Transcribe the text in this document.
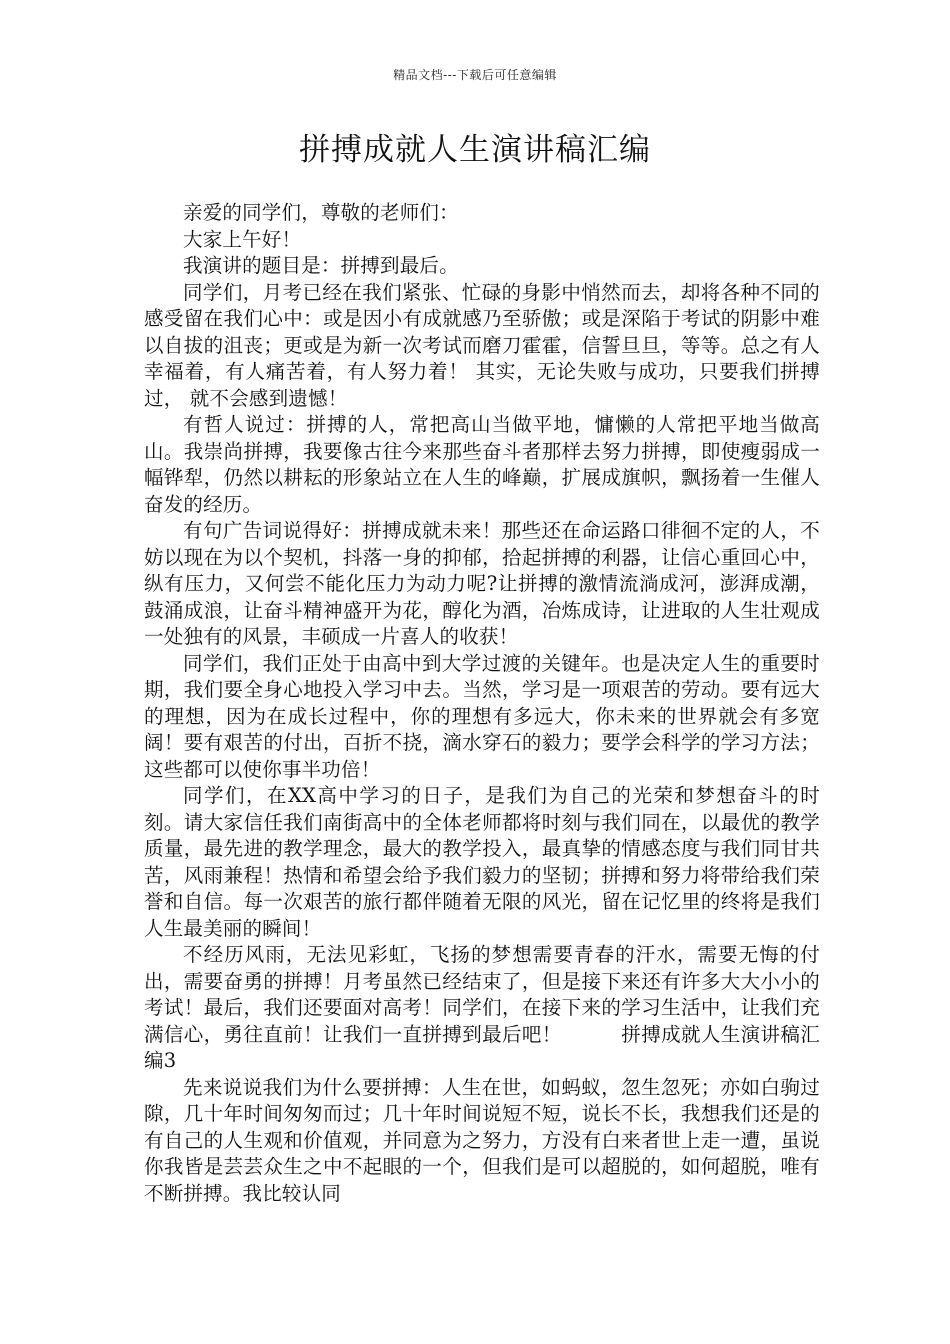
精品文档---下载后可任意编辑
拼搏成就人生演讲稿汇编

亲爱的同学们，尊敬的老师们：

大家上午好！

我演讲的题目是：拼搏到最后。

同学们，月考已经在我们紧张、忙碌的身影中悄然而去，却将各种不同的感受留在我们心中：或是因小有成就感乃至骄傲；或是深陷于考试的阴影中难以自拔的沮丧；更或是为新一次考试而磨刀霍霍，信誓旦旦，等等。总之有人幸福着，有人痛苦着，有人努力着！ 其实，无论失败与成功，只要我们拼搏过， 就不会感到遗憾！

有哲人说过：拼搏的人，常把高山当做平地，慵懒的人常把平地当做高山。我崇尚拼搏，我要像古往今来那些奋斗者那样去努力拼搏，即使瘦弱成一幅铧犁，仍然以耕耘的形象站立在人生的峰巅，扩展成旗帜，飘扬着一生催人奋发的经历。

有句广告词说得好：拼搏成就未来！那些还在命运路口徘徊不定的人，不妨以现在为以个契机，抖落一身的抑郁，拾起拼搏的利器，让信心重回心中，纵有压力，又何尝不能化压力为动力呢?让拼搏的激情流淌成河，澎湃成潮，鼓涌成浪，让奋斗精神盛开为花，醇化为酒，冶炼成诗，让进取的人生壮观成一处独有的风景，丰硕成一片喜人的收获！

同学们，我们正处于由高中到大学过渡的关键年。也是决定人生的重要时期，我们要全身心地投入学习中去。当然，学习是一项艰苦的劳动。要有远大的理想，因为在成长过程中，你的理想有多远大，你未来的世界就会有多宽阔！要有艰苦的付出，百折不挠，滴水穿石的毅力；要学会科学的学习方法；这些都可以使你事半功倍！

同学们，在XX高中学习的日子，是我们为自己的光荣和梦想奋斗的时刻。请大家信任我们南街高中的全体老师都将时刻与我们同在，以最优的教学质量，最先进的教学理念，最大的教学投入，最真挚的情感态度与我们同甘共苦，风雨兼程！热情和希望会给予我们毅力的坚韧；拼搏和努力将带给我们荣誉和自信。每一次艰苦的旅行都伴随着无限的风光，留在记忆里的终将是我们人生最美丽的瞬间！

不经历风雨，无法见彩虹，飞扬的梦想需要青春的汗水，需要无悔的付出，需要奋勇的拼搏！月考虽然已经结束了，但是接下来还有许多大大小小的考试！最后，我们还要面对高考！同学们，在接下来的学习生活中，让我们充满信心，勇往直前！让我们一直拼搏到最后吧！　　　拼搏成就人生演讲稿汇编3

先来说说我们为什么要拼搏：人生在世，如蚂蚁，忽生忽死；亦如白驹过隙，几十年时间匆匆而过；几十年时间说短不短，说长不长，我想我们还是的有自己的人生观和价值观，并同意为之努力，方没有白来者世上走一遭，虽说你我皆是芸芸众生之中不起眼的一个，但我们是可以超脱的，如何超脱，唯有不断拼搏。我比较认同
